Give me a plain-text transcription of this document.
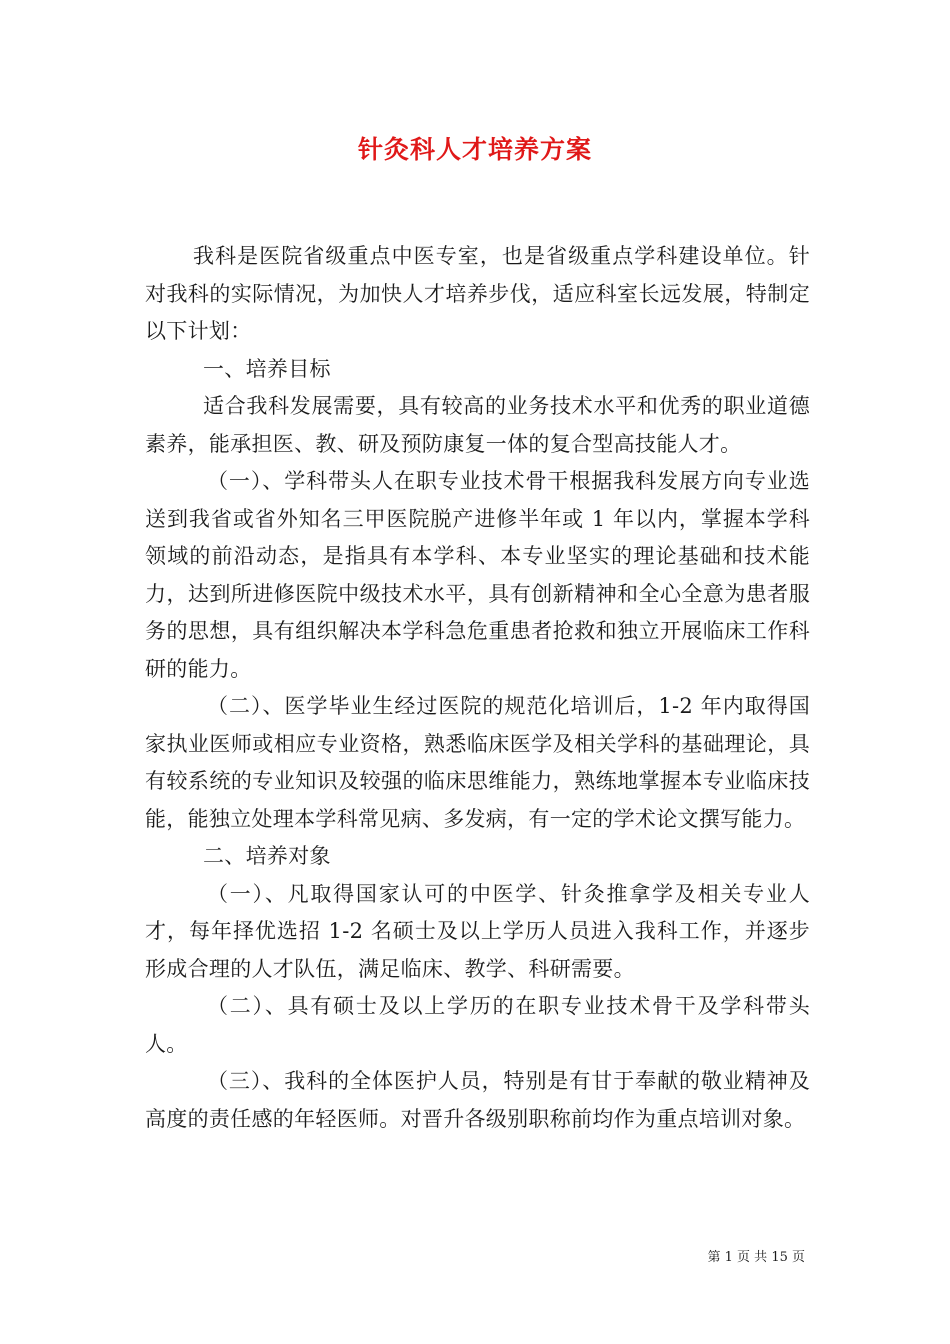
针灸科人才培养方案

我科是医院省级重点中医专室，也是省级重点学科建设单位。针对我科的实际情况，为加快人才培养步伐，适应科室长远发展，特制定以下计划：

一、培养目标

适合我科发展需要，具有较高的业务技术水平和优秀的职业道德素养，能承担医、教、研及预防康复一体的复合型高技能人才。

（一）、学科带头人在职专业技术骨干根据我科发展方向专业选送到我省或省外知名三甲医院脱产进修半年或 1 年以内，掌握本学科领域的前沿动态，是指具有本学科、本专业坚实的理论基础和技术能力，达到所进修医院中级技术水平，具有创新精神和全心全意为患者服务的思想，具有组织解决本学科急危重患者抢救和独立开展临床工作科研的能力。

（二）、医学毕业生经过医院的规范化培训后，1-2 年内取得国家执业医师或相应专业资格，熟悉临床医学及相关学科的基础理论，具有较系统的专业知识及较强的临床思维能力，熟练地掌握本专业临床技能，能独立处理本学科常见病、多发病，有一定的学术论文撰写能力。

二、培养对象

（一）、凡取得国家认可的中医学、针灸推拿学及相关专业人才，每年择优选招 1-2 名硕士及以上学历人员进入我科工作，并逐步形成合理的人才队伍，满足临床、教学、科研需要。

（二）、具有硕士及以上学历的在职专业技术骨干及学科带头人。

（三）、我科的全体医护人员，特别是有甘于奉献的敬业精神及高度的责任感的年轻医师。对晋升各级别职称前均作为重点培训对象。

第 1 页 共 15 页
